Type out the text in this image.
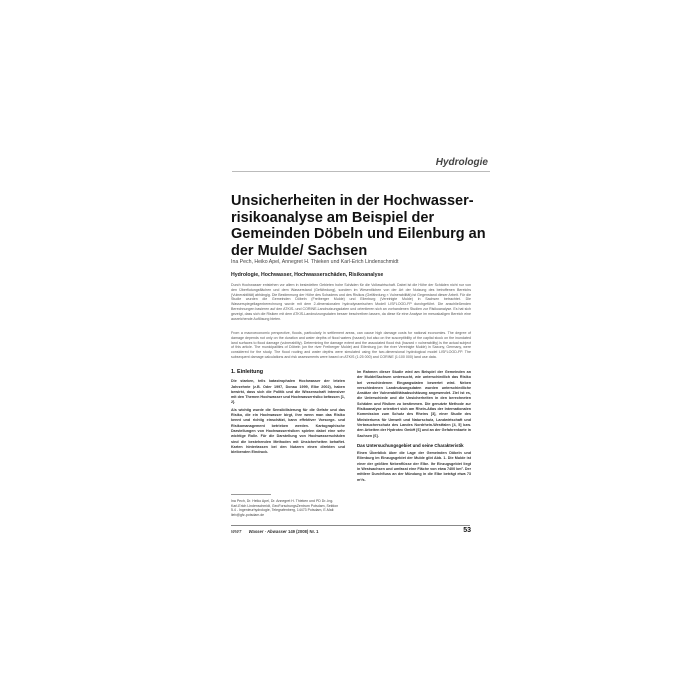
Hydrologie
Unsicherheiten in der Hochwasser-risikoanalyse am Beispiel der Gemeinden Döbeln und Eilenburg an der Mulde/ Sachsen
Ina Pech, Heiko Apel, Annegret H. Thieken und Karl-Erich Lindenschmidt
Hydrologie, Hochwasser, Hochwasserschäden, Risikoanalyse

Durch Hochwasser entstehen vor allem in besiedelten Gebieten hohe Schäden für die Volkswirtschaft. Dabei ist die Höhe der Schäden nicht nur von den Überflutungsflächen und dem Wasserstand (Gefährdung), sondern im Wesentlichen von der Art der Nutzung des betroffenen Bereichs (Vulnerabilität) abhängig. Die Bestimmung der Höhe des Schadens und des Risikos (Gefährdung × Vulnerabilität) ist Gegenstand dieser Arbeit. Für die Studie wurden die Gemeinden Döbeln (Freiberger Mulde) und Eilenburg (Vereinigte Mulde) in Sachsen betrachtet. Die Wasserspiegellagenberechnung wurde mit dem 2-dimensionalen hydrodynamischen Modell LISFLOOD-FP durchgeführt. Die anschließenden Berechnungen basieren auf den ATKIS- und CORINE-Landnutzungsdaten und orientieren sich an vorhandenen Studien zur Risikoanalyse. Es hat sich gezeigt, dass sich die Risiken mit dem ATKIS-Landnutzungsdaten besser beschreiben lassen, da diese für eine Analyse im mesoskaligen Bereich eine ausreichende Auflösung bieten.

From a macroeconomic perspective, floods, particularly in settlement areas, can cause high damage costs for national economies. The degree of damage depends not only on the duration and water depths of flood waters (hazard) but also on the susceptibility of the capital stock on the inundated land surfaces to flood damage (vulnerability). Determining the damage extent and the associated flood risk (hazard × vulnerability) is the actual subject of this article. The municipalities of Döbeln (on the river Freiberger Mulde) and Eilenburg (on the river Vereinigte Mulde) in Saxony, Germany, were considered for the study. The flood routing and water depths were simulated using the two-dimensional hydrological model LISFLOOD-FP. The subsequent damage calculations and risk assessments were based on ATKIS (1:25 000) and CORINE (1:100 000) land use data.

1. Einleitung

Die starken, teils katastrophalen Hochwasser der letzten Jahrzehnte (z.B. Oder 1997, Donau 1999, Elbe 2002), haben bewirkt, dass sich die Politik und die Wissenschaft intensiver mit den Themen Hochwasser und Hochwasserrisiko befassen [1, 2].

Als wichtig wurde die Sensibilisierung für die Gefahr und das Risiko, die ein Hochwasser birgt, ihre wenn man das Risiko kennt und richtig einschätzt, kann effektiver Vorsorge- und Risikomanagement betrieben werden. Kartographische Darstellungen von Hochwasserrisiken spielen dabei eine sehr wichtige Rolle. Für die Darstellung von Hochwasserschäden sind die bestehenden Methoden mit Unsicherheiten behaftet. Karten hinterlassen bei den Nutzern einen direkten und bleibenden Eindruck.

Ina Pech, Dr. Heiko Apel, Dr. Annegret H. Thieken und PD Dr.-Ing. Karl-Erich Lindenschmidt, GeoForschungsZentrum Potsdam, Sektion 5.4 - Ingenieurhydrologie, Telegrafenberg, 14473 Potsdam, E-Mail: lieb@gfz-potsdam.de

Im Rahmen dieser Studie wird am Beispiel der Gemeinden an der Mulde/Sachsen untersucht, wie unterschiedlich das Risiko bei verschiedenen Eingangsdaten bewertet wird. Neben verschiedenen Landnutzungsdaten wurden unterschiedliche Ansätze der Vulnerabilitätsabschätzung angewendet. Ziel ist es, die Unterschiede und die Unsicherheiten in den berechneten Schäden und Risiken zu bestimmen. Die genutzte Methode zur Risikoanalyse orientiert sich am Rhein-Atlas der Internationalen Kommission zum Schutz des Rheins [3], einer Studie des Ministeriums für Umwelt und Naturschutz, Landwirtschaft und Verbraucherschutz des Landes Nordrhein-Westfalen [4, 5] bzw. den Arbeiten der Hydrotec GmbH [6] und an der Gefahrenkarte in Sachsen [6].

Das Untersuchungsgebiet und seine Charakteristik

Einen Überblick über die Lage der Gemeinden Döbeln und Eilenburg im Einzugsgebiet der Mulde gibt Abb. 1. Die Mulde ist einer der größten Nebenflüsse der Elbe. Ihr Einzugsgebiet liegt in Westsachsen und umfasst eine Fläche von etwa 7400 km². Der mittlere Durchfluss an der Mündung in die Elbe beträgt etwa 73 m³/s.

WWT Wasser · Abwasser 149 (2008) Nr. 1	53
